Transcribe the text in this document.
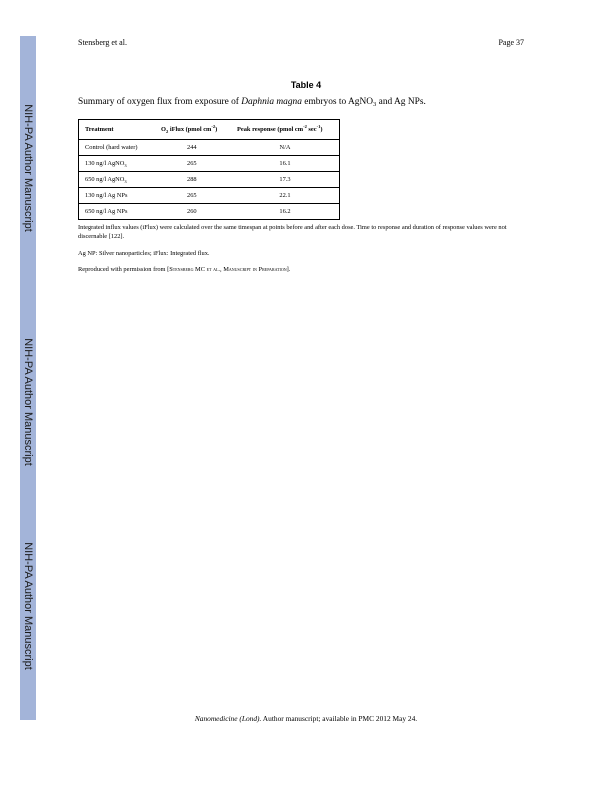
NIH-PA Author Manuscript
NIH-PA Author Manuscript
NIH-PA Author Manuscript
Stensberg et al.	Page 37
Table 4
Summary of oxygen flux from exposure of Daphnia magna embryos to AgNO$_3$ and Ag NPs.
Treatment	$O_2$ iFlux (pmol $cm^{-2}$)	Peak response (pmol $cm^{-2}$ $\sec^{-1}$)
Control (hard water)	244	N/A
130 ng/l AgNO$_3$	265	16.1
650 ng/l AgNO$_3$	288	17.3
130 ng/l Ag NPs	265	22.1
650 ng/l Ag NPs	260	16.2
Integrated influx values (iFlux) were calculated over the same timespan at points before and after each dose. Time to response and duration of response values were not discernable [122].
Ag NP: Silver nanoparticles; iFlux: Integrated flux.
Reproduced with permission from [Stensberg MC et al., Manuscript in Preparation].
Nanomedicine (Lond). Author manuscript; available in PMC 2012 May 24.
